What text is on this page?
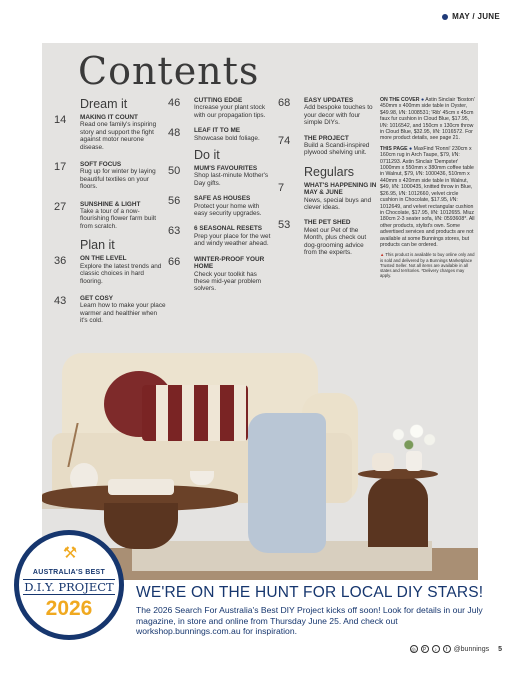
MAY / JUNE
Contents
Dream it
14	MAKING IT COUNT
Read one family's inspiring story and support the fight against motor neurone disease.
17	SOFT FOCUS
Rug up for winter by laying beautiful textiles on your floors.
27	SUNSHINE & LIGHT
Take a tour of a now-flourishing flower farm built from scratch.
Plan it
36	ON THE LEVEL
Explore the latest trends and classic choices in hard flooring.
43	GET COSY
Learn how to make your place warmer and healthier when it's cold.
46	CUTTING EDGE
Increase your plant stock with our propagation tips.
48	LEAF IT TO ME
Showcase bold foliage.
Do it
50	MUM'S FAVOURITES
Shop last-minute Mother's Day gifts.
56	SAFE AS HOUSES
Protect your home with easy security upgrades.
63	6 SEASONAL RESETS
Prep your place for the wet and windy weather ahead.
66	WINTER-PROOF YOUR HOME
Check your toolkit has these mid-year problem solvers.
68	EASY UPDATES
Add bespoke touches to your decor with four simple DIYs.
74	THE PROJECT
Build a Scandi-inspired plywood shelving unit.
Regulars
7	WHAT'S HAPPENING IN MAY & JUNE
News, special buys and clever ideas.
53	THE PET SHED
Meet our Pet of the Month, plus check out dog-grooming advice from the experts.

ON THE COVER ● Astin Sinclair 'Boston' 450mm x 400mm side table in Oyster, $49.98, I/N: 1008531; 'Rib' 45cm x 45cm faux fur cushion in Cloud Blue, $17.95, I/N: 1016542, and 150cm x 130cm throw in Cloud Blue, $32.95, I/N: 1016572. For more product details, see page 21.

THIS PAGE ● MaxFind 'Ronni' 230cm x 160cm rug in Arch Taupe, $79, I/N: 0711293. Astin Sinclair 'Dempster' 1000mm x 550mm x 380mm coffee table in Walnut, $79, I/N: 1000436, 510mm x 440mm x 420mm side table in Walnut, $49, I/N: 1000435, knitted throw in Blue, $26.95, I/N: 1012660, velvet circle cushion in Chocolate, $17.95, I/N: 1012649, and velvet rectangular cushion in Chocolate, $17.95, I/N: 1012655. Miuz 180cm 2-3 seater sofa, I/N: 0593608*. All other products, stylist's own. Some advertised services and products are not available at some Bunnings stores, but products can be ordered.

▲ This product is available to buy online only and is sold and delivered by a Bunnings Marketplace Trusted Seller. Not all items are available in all states and territories. *Delivery charges may apply.

⚒
AUSTRALIA'S BEST
D.I.Y. PROJECT
2026
WE'RE ON THE HUNT FOR LOCAL DIY STARS!

The 2026 Search For Australia's Best DIY Project kicks off soon! Look for details in our July magazine, in store and online from Thursday June 25. And check out workshop.bunnings.com.au for inspiration.

◎	P	♪	f @bunnings 5
